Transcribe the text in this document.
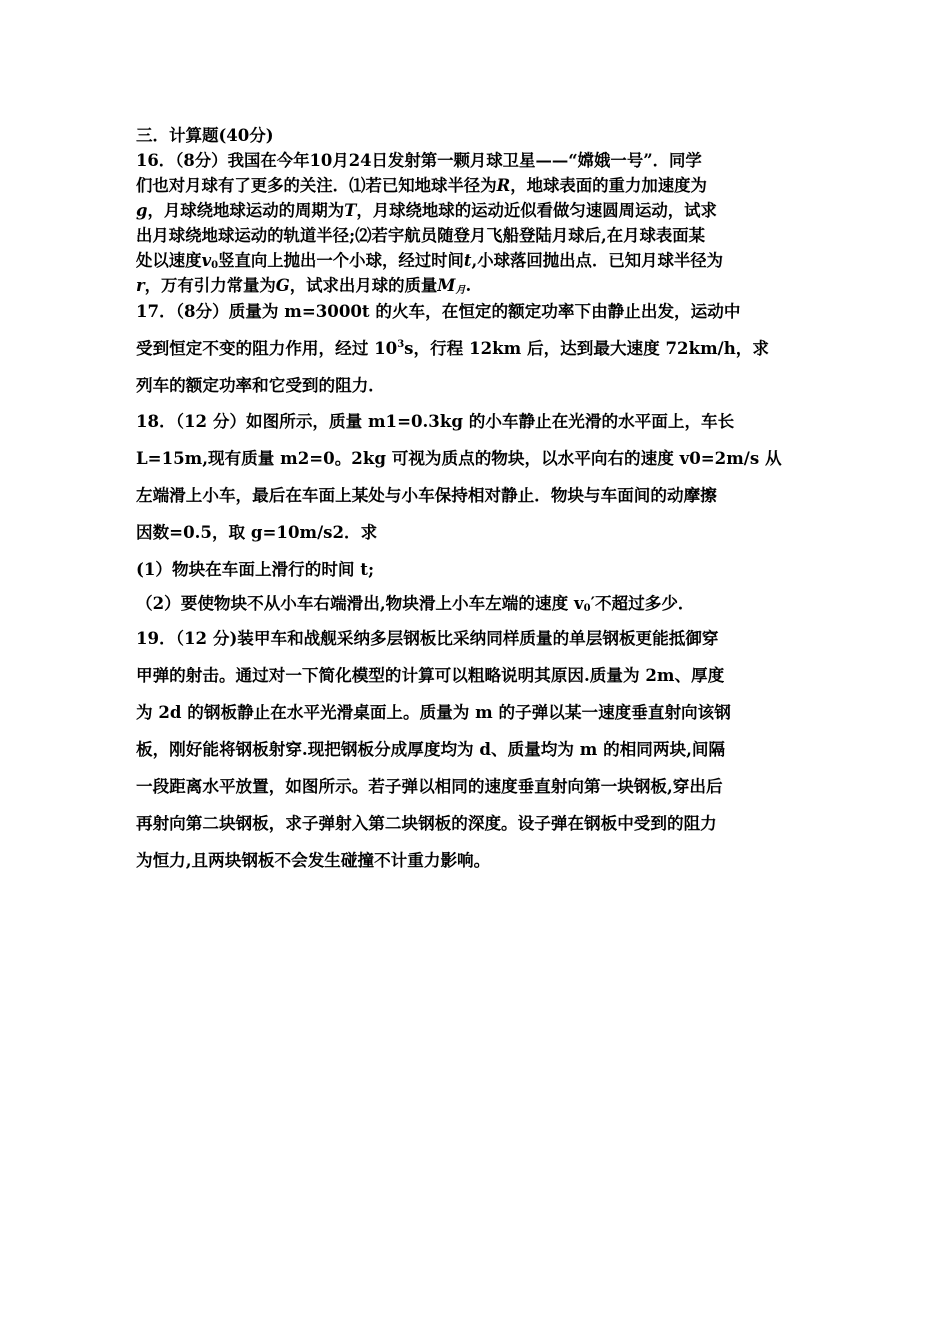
三．计算题(40分)
16．（8分）我国在今年10月24日发射第一颗月球卫星——“嫦娥一号”．同学
们也对月球有了更多的关注．⑴若已知地球半径为R，地球表面的重力加速度为
g，月球绕地球运动的周期为T，月球绕地球的运动近似看做匀速圆周运动，试求
出月球绕地球运动的轨道半径;⑵若宇航员随登月飞船登陆月球后,在月球表面某
处以速度$v_0$竖直向上抛出一个小球，经过时间t,小球落回抛出点．已知月球半径为
r，万有引力常量为G，试求出月球的质量$M_月$.
17．（8分）质量为 m=3000t 的火车，在恒定的额定功率下由静止出发，运动中
受到恒定不变的阻力作用，经过 $10^3s$，行程 12km 后，达到最大速度 72km/h，求
列车的额定功率和它受到的阻力．
18．（12 分）如图所示，质量 m1=0.3kg 的小车静止在光滑的水平面上，车长
L=15m,现有质量 m2=0。2kg 可视为质点的物块，以水平向右的速度 v0=2m/s 从
左端滑上小车，最后在车面上某处与小车保持相对静止．物块与车面间的动摩擦
因数=0.5，取 g=10m/s2．求
(1）物块在车面上滑行的时间 t;
（2）要使物块不从小车右端滑出,物块滑上小车左端的速度 $v_0'$不超过多少．
19．（12 分)装甲车和战舰采纳多层钢板比采纳同样质量的单层钢板更能抵御穿
甲弹的射击。通过对一下简化模型的计算可以粗略说明其原因.质量为 2m、厚度
为 2d 的钢板静止在水平光滑桌面上。质量为 m 的子弹以某一速度垂直射向该钢
板，刚好能将钢板射穿.现把钢板分成厚度均为 d、质量均为 m 的相同两块,间隔
一段距离水平放置，如图所示。若子弹以相同的速度垂直射向第一块钢板,穿出后
再射向第二块钢板，求子弹射入第二块钢板的深度。设子弹在钢板中受到的阻力
为恒力,且两块钢板不会发生碰撞不计重力影响。
